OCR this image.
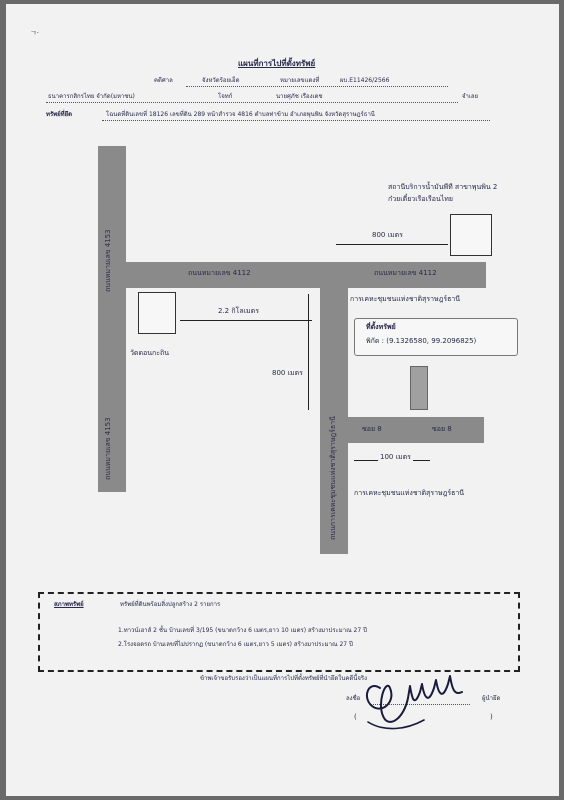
ㄱ·
แผนที่การไปที่ตั้งทรัพย์
คดีศาล	จังหวัดร้อยเอ็ด	หมายเลขแดงที่	ผบ.E11426/2566
ธนาคารกสิกรไทย จำกัด(มหาชน)	โจทก์	นายศุภัช เรืองเดช	จำเลย
ทรัพย์ที่ยึด	โฉนดที่ดินเลขที่ 18126 เลขที่ดิน 289 หน้าสำรวจ 4816 ตำบลท่าข้าม อำเภอพุนพิน จังหวัดสุราษฎร์ธานี
ถนนหมายเลข 4153
ถนนหมายเลข 4153
ถนนหมายเลข 4112	ถนนหมายเลข 4112
สถานีบริการน้ำมันพีที สาขาพุนพิน 2
ก๋วยเตี๋ยวเรือเรือนไทย
800 เมตร
วัดดอนกะถิน
2.2 กิโลเมตร
การเคหะชุมชนแห่งชาติสุราษฎร์ธานี
800 เมตร
ถนนการเคหะชุมชนแห่งชาติสุราษฎร์ธานี
ที่ตั้งทรัพย์
พิกัด : (9.1326580, 99.2096825)
ซอย 8	ซอย 8
100 เมตร
การเคหะชุมชนแห่งชาติสุราษฎร์ธานี
สภาพทรัพย์	ทรัพย์ที่ดินพร้อมสิ่งปลูกสร้าง 2 รายการ
1.ทาวน์เฮาส์ 2 ชั้น บ้านเลขที่ 3/195 (ขนาดกว้าง 6 เมตร,ยาว 10 เมตร) สร้างมาประมาณ 27 ปี
2.โรงจอดรถ บ้านเลขที่ไม่ปรากฏ (ขนาดกว้าง 6 เมตร,ยาว 5 เมตร) สร้างมาประมาณ 27 ปี
ข้าพเจ้าขอรับรองว่าเป็นแผนที่การไปที่ตั้งทรัพย์ที่นำยึดในคดีนี้จริง
ลงชื่อ	ผู้นำยึด
(	)
